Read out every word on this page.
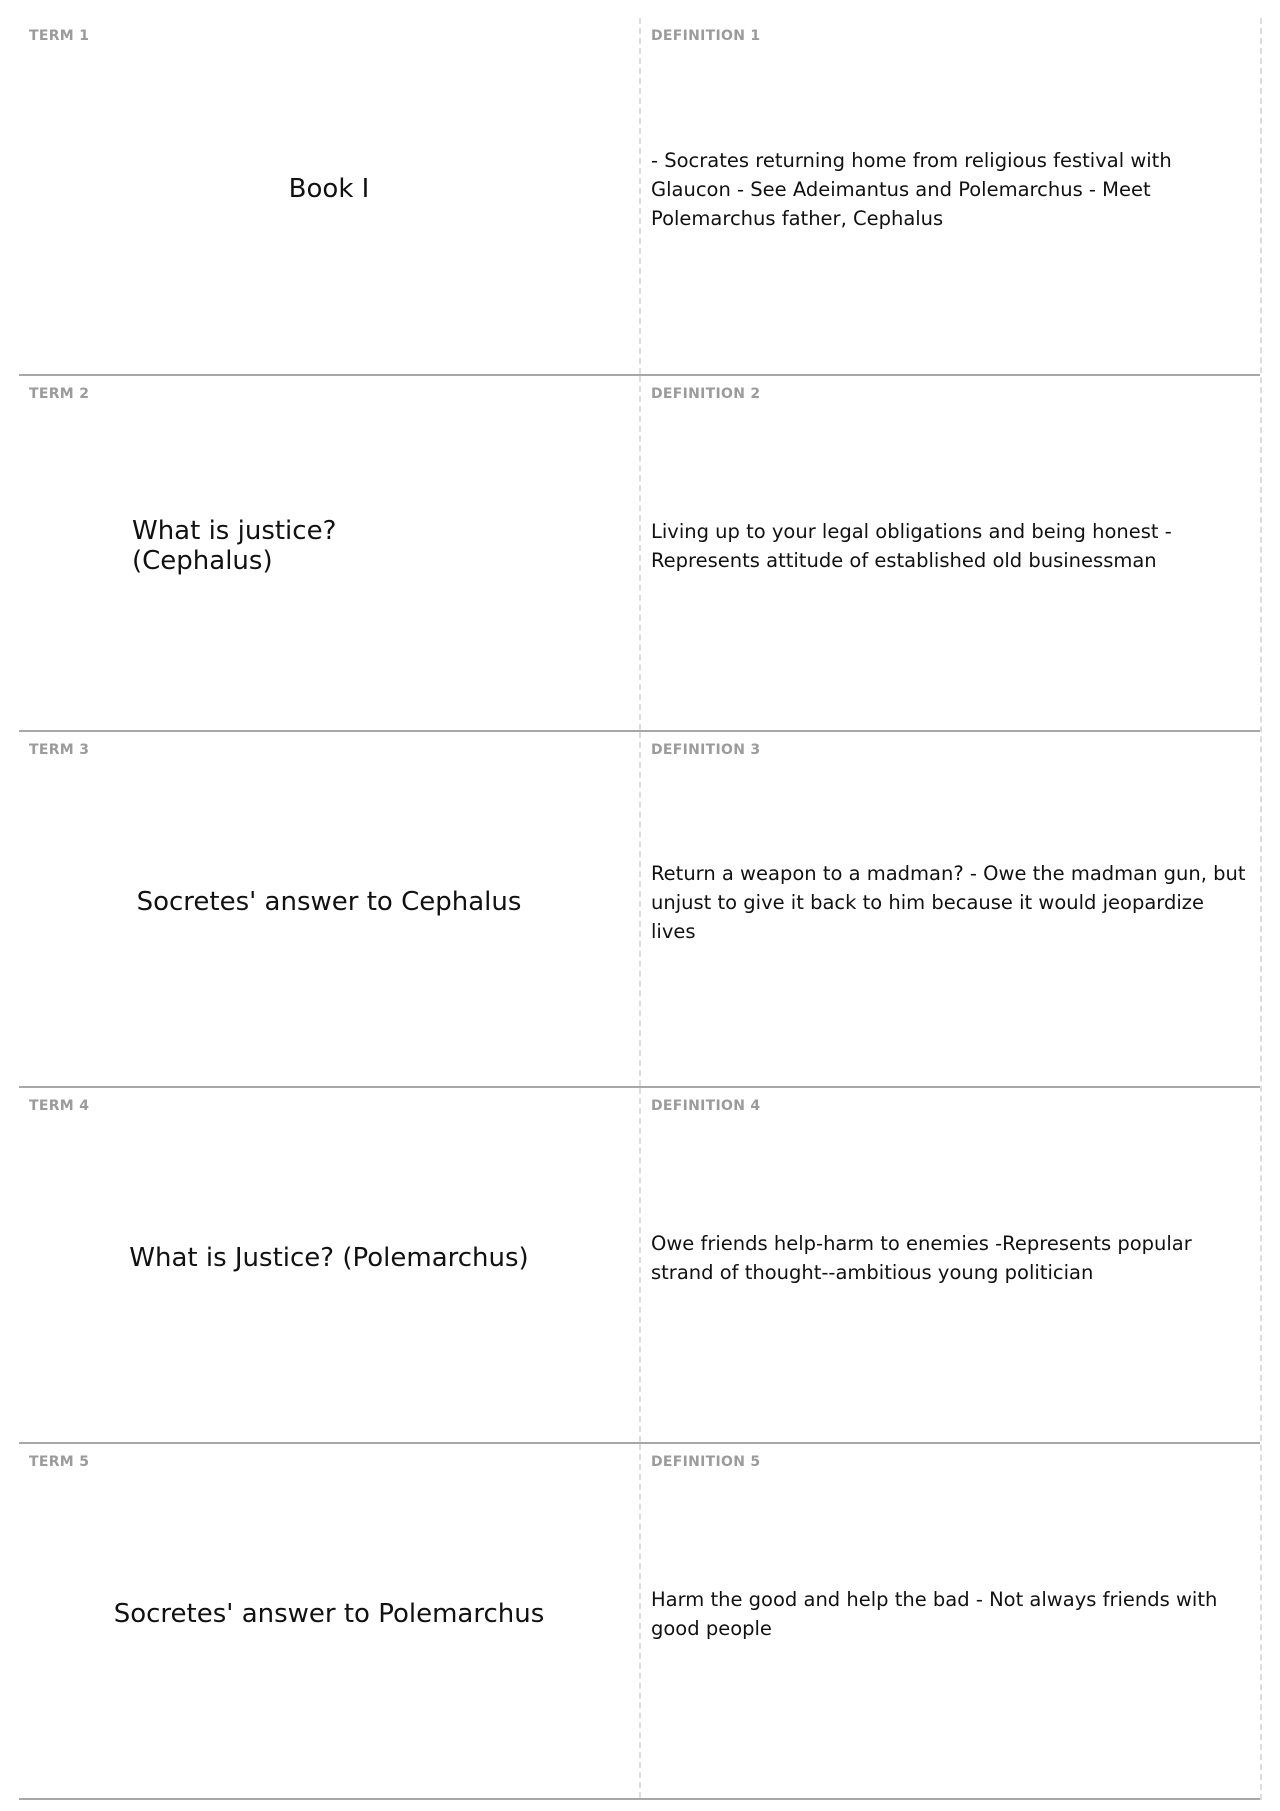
TERM 1
Book I
DEFINITION 1
- Socrates returning home from religious festival with Glaucon - See Adeimantus and Polemarchus - Meet Polemarchus father, Cephalus
TERM 2
What is justice? (Cephalus)
DEFINITION 2
Living up to your legal obligations and being honest - Represents attitude of established old businessman
TERM 3
Socretes' answer to Cephalus
DEFINITION 3
Return a weapon to a madman? - Owe the madman gun, but unjust to give it back to him because it would jeopardize lives
TERM 4
What is Justice? (Polemarchus)
DEFINITION 4
Owe friends help-harm to enemies -Represents popular strand of thought--ambitious young politician
TERM 5
Socretes' answer to Polemarchus
DEFINITION 5
Harm the good and help the bad - Not always friends with good people
